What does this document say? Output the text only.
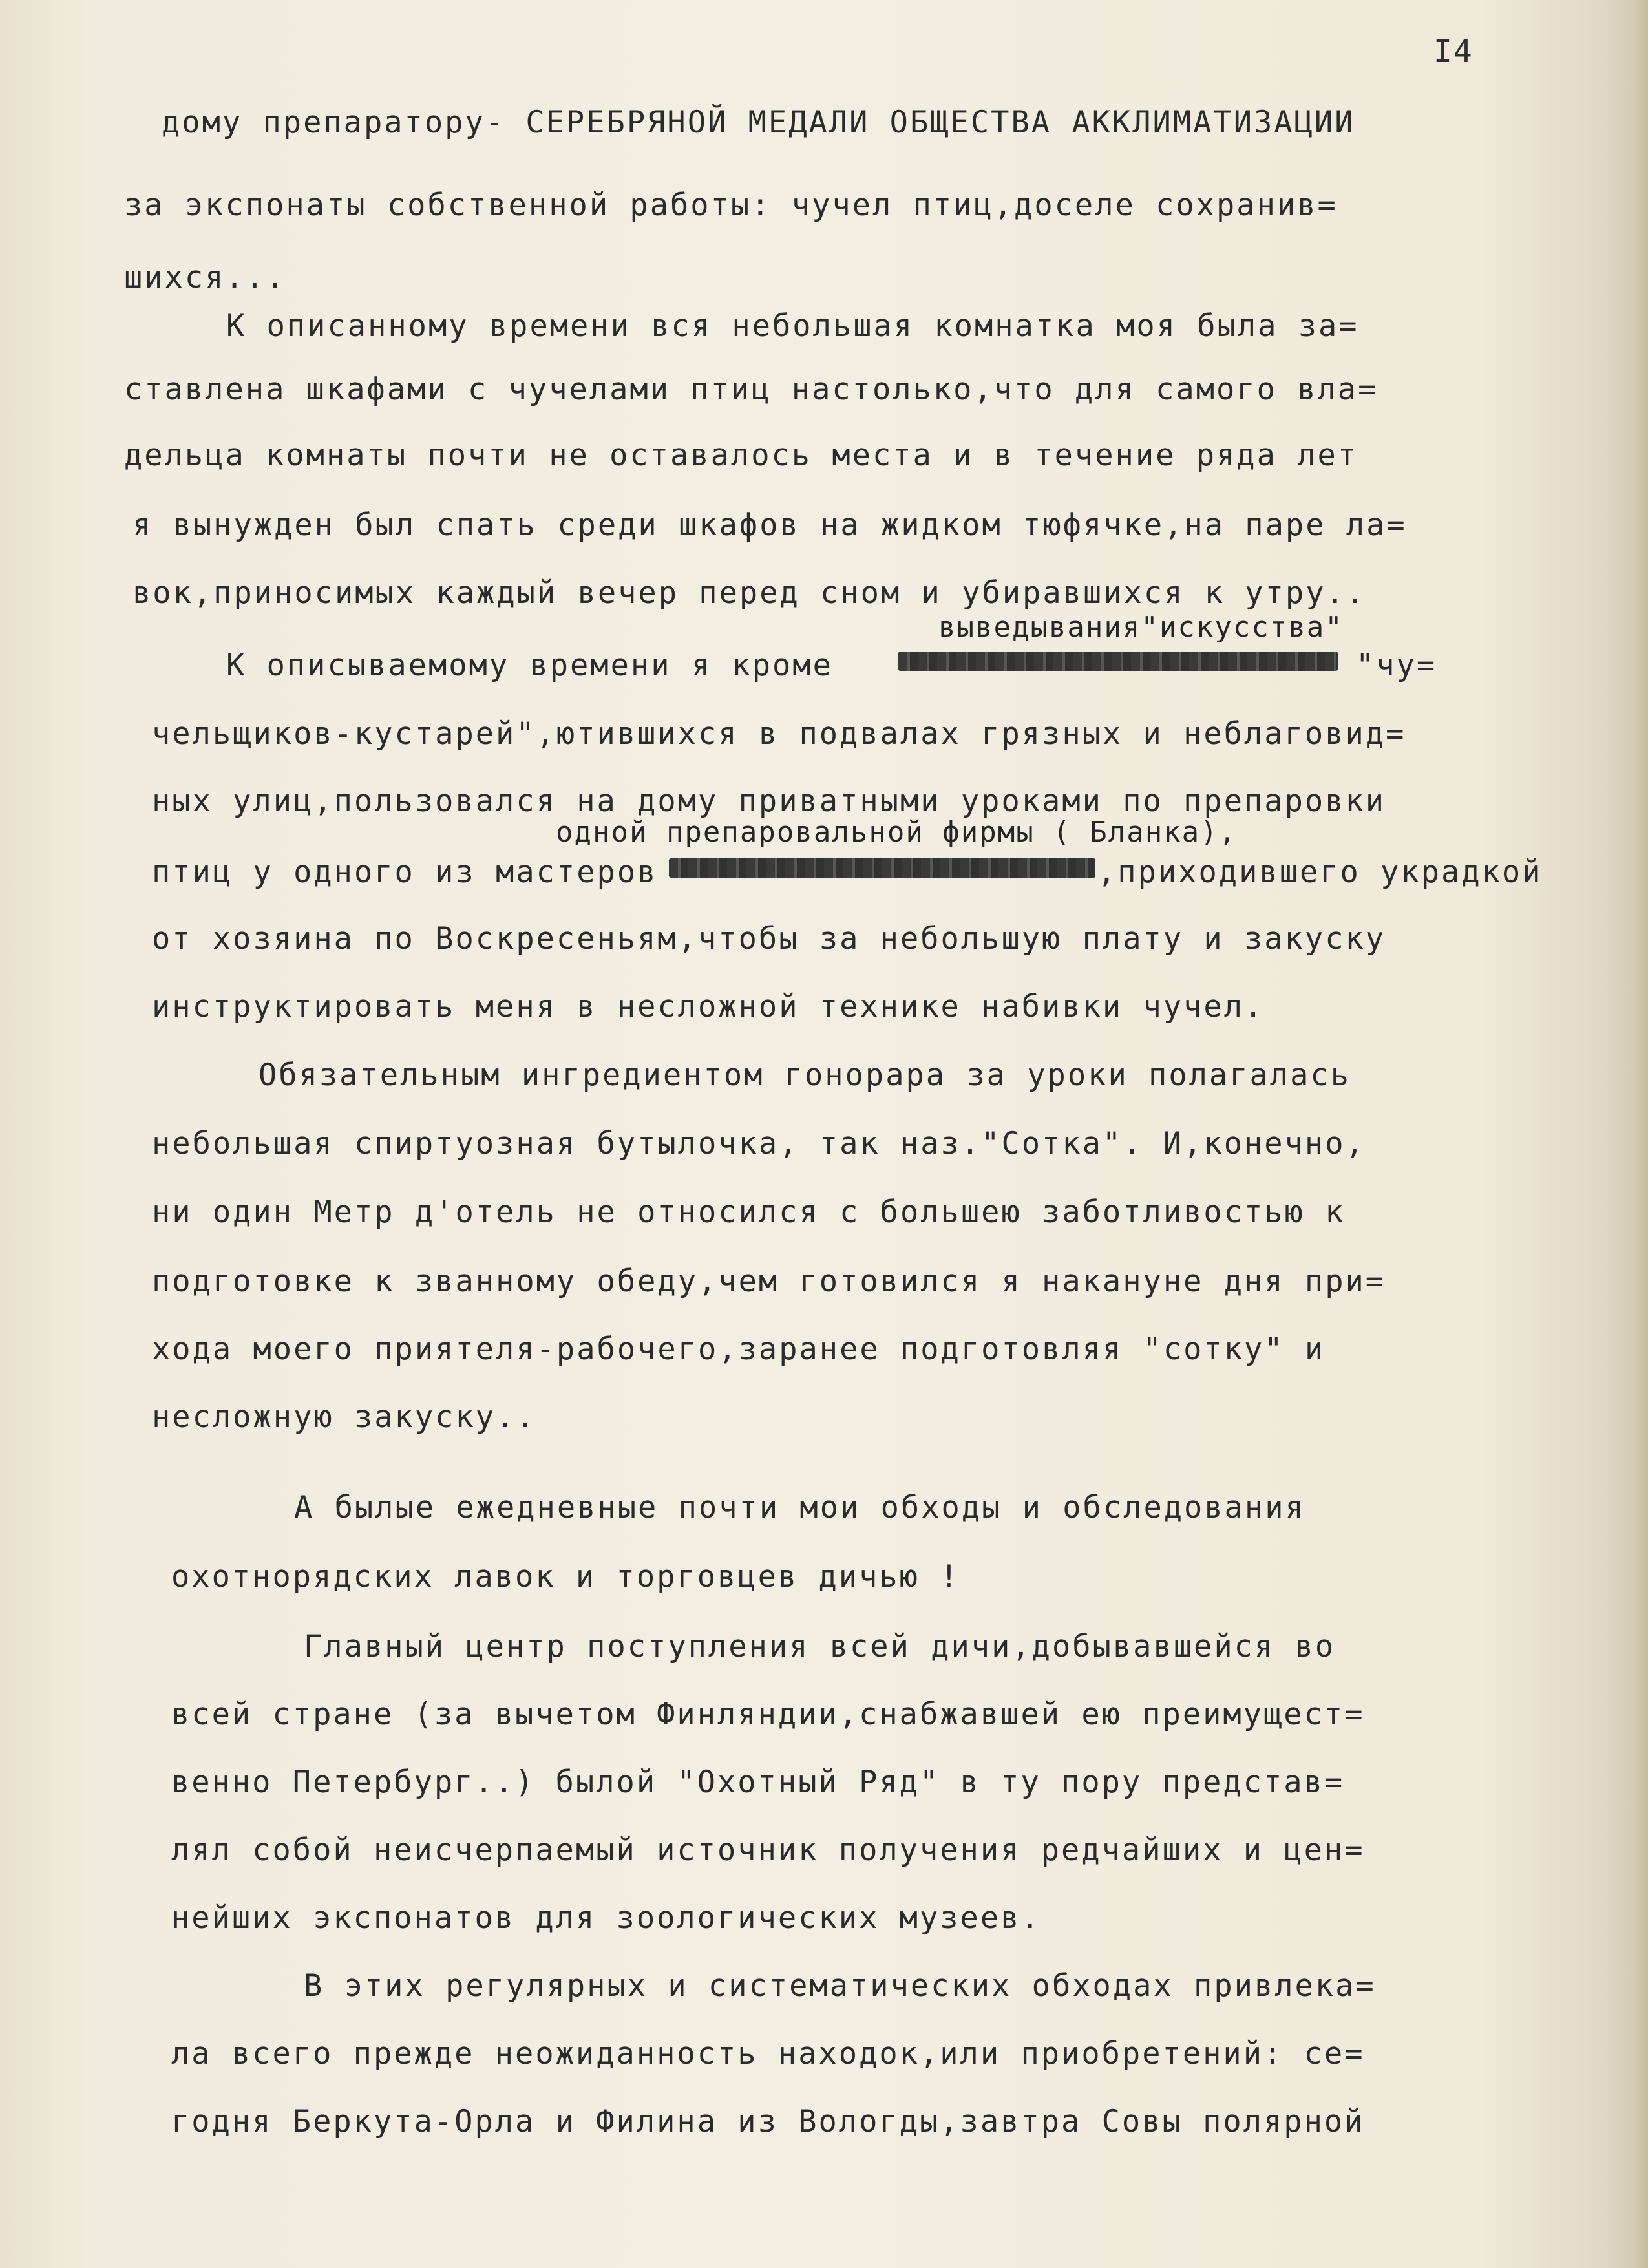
I4
дому препаратору- СЕРЕБРЯНОЙ МЕДАЛИ ОБЩЕСТВА АККЛИМАТИЗАЦИИ
за экспонаты собственной работы: чучел птиц,доселе сохранив=
шихся...
К описанному времени вся небольшая комнатка моя была за=
ставлена шкафами с чучелами птиц настолько,что для самого вла=
дельца комнаты почти не оставалось места и в течение ряда лет
я вынужден был спать среди шкафов на жидком тюфячке,на паре ла=
вок,приносимых каждый вечер перед сном и убиравшихся к утру..
выведывания"искусства"
К описываемому времени я кроме	"чу=
чельщиков-кустарей",ютившихся в подвалах грязных и неблаговид=
ных улиц,пользовался на дому приватными уроками по препаровки
одной препаровальной фирмы ( Бланка),
птиц у одного из мастеров	,приходившего украдкой
от хозяина по Воскресеньям,чтобы за небольшую плату и закуску
инструктировать меня в несложной технике набивки чучел.
Обязательным ингредиентом гонорара за уроки полагалась
небольшая спиртуозная бутылочка, так наз."Сотка". И,конечно,
ни один Метр д'отель не относился с большею заботливостью к
подготовке к званному обеду,чем готовился я накануне дня при=
хода моего приятеля-рабочего,заранее подготовляя "сотку" и
несложную закуску..
А былые ежедневные почти мои обходы и обследования
охотнорядских лавок и торговцев дичью !
Главный центр поступления всей дичи,добывавшейся во
всей стране (за вычетом Финляндии,снабжавшей ею преимущест=
венно Петербург..) былой "Охотный Ряд" в ту пору представ=
лял собой неисчерпаемый источник получения редчайших и цен=
нейших экспонатов для зоологических музеев.
В этих регулярных и систематических обходах привлека=
ла всего прежде неожиданность находок,или приобретений: се=
годня Беркута-Орла и Филина из Вологды,завтра Совы полярной
